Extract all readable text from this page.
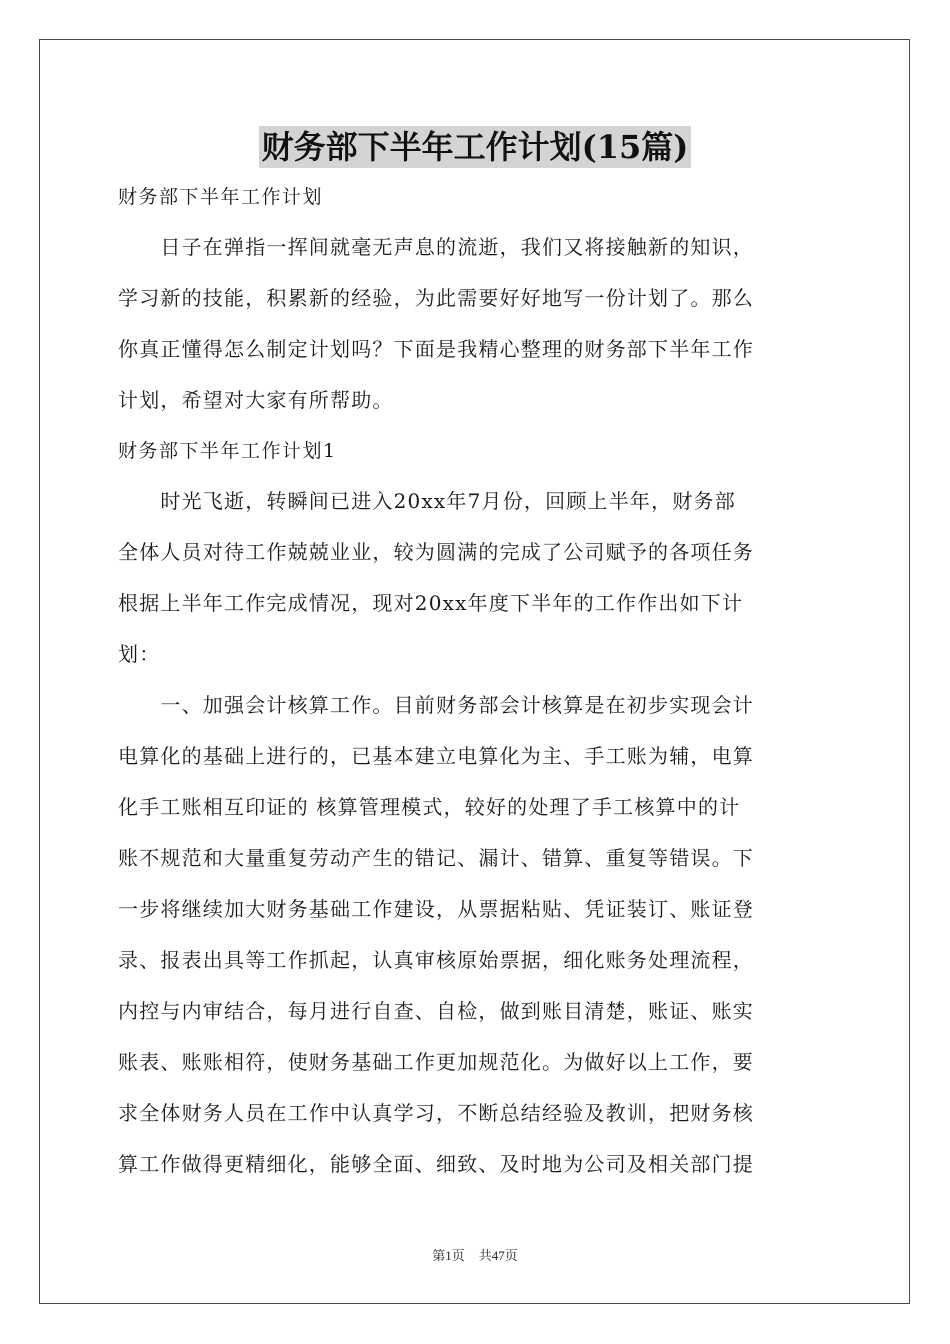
财务部下半年工作计划(15篇)
财务部下半年工作计划
　　日子在弹指一挥间就毫无声息的流逝，我们又将接触新的知识，
学习新的技能，积累新的经验，为此需要好好地写一份计划了。那么
你真正懂得怎么制定计划吗？下面是我精心整理的财务部下半年工作
计划，希望对大家有所帮助。
财务部下半年工作计划1
　　时光飞逝，转瞬间已进入20xx年7月份，回顾上半年，财务部
全体人员对待工作兢兢业业，较为圆满的完成了公司赋予的各项任务
根据上半年工作完成情况，现对20xx年度下半年的工作作出如下计
划：
　　一、加强会计核算工作。目前财务部会计核算是在初步实现会计
电算化的基础上进行的，已基本建立电算化为主、手工账为辅，电算
化手工账相互印证的 核算管理模式，较好的处理了手工核算中的计
账不规范和大量重复劳动产生的错记、漏计、错算、重复等错误。下
一步将继续加大财务基础工作建设，从票据粘贴、凭证装订、账证登
录、报表出具等工作抓起，认真审核原始票据，细化账务处理流程，
内控与内审结合，每月进行自查、自检，做到账目清楚，账证、账实
账表、账账相符，使财务基础工作更加规范化。为做好以上工作，要
求全体财务人员在工作中认真学习，不断总结经验及教训，把财务核
算工作做得更精细化，能够全面、细致、及时地为公司及相关部门提
第1页 共47页
